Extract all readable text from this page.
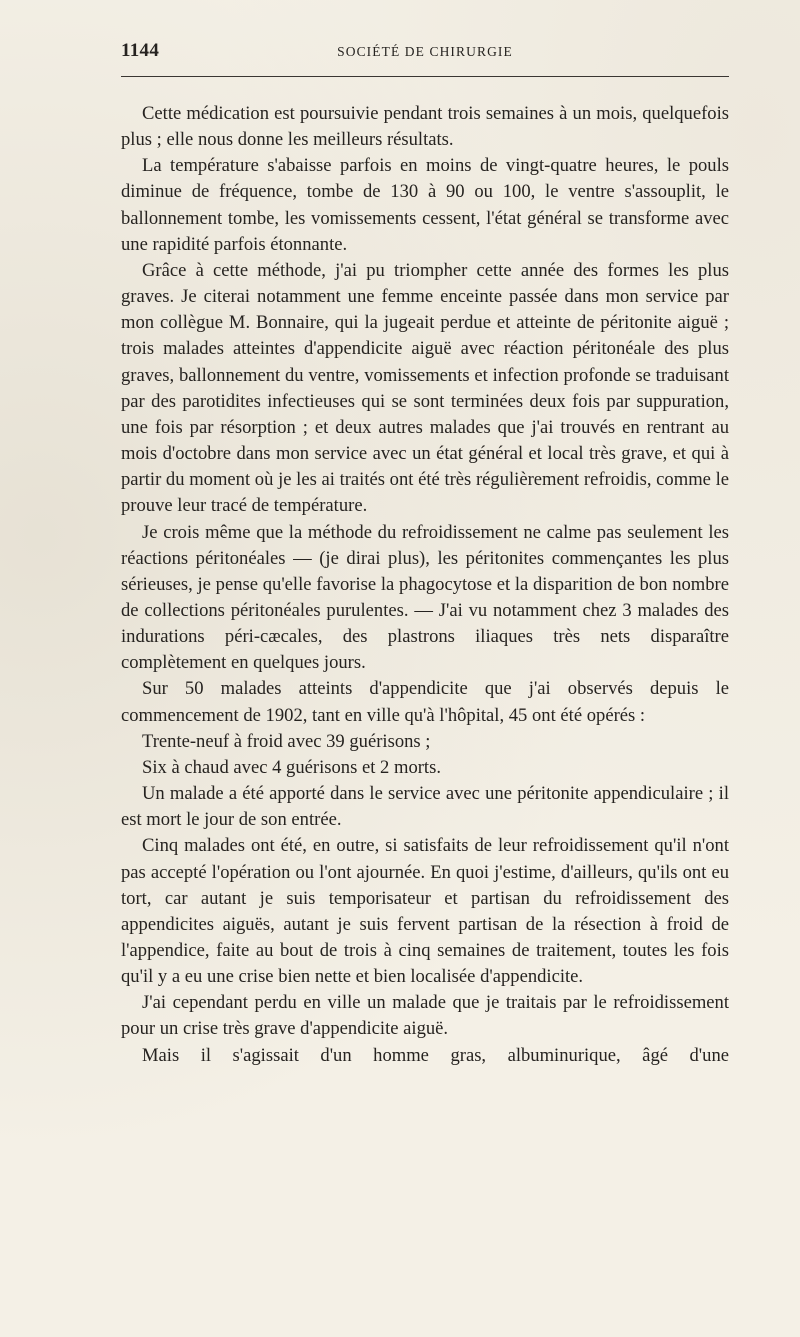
1144	SOCIÉTÉ DE CHIRURGIE

Cette médication est poursuivie pendant trois semaines à un mois, quelquefois plus ; elle nous donne les meilleurs résultats.

La température s'abaisse parfois en moins de vingt-quatre heures, le pouls diminue de fréquence, tombe de 130 à 90 ou 100, le ventre s'assouplit, le ballonnement tombe, les vomissements cessent, l'état général se transforme avec une rapidité parfois étonnante.

Grâce à cette méthode, j'ai pu triompher cette année des formes les plus graves. Je citerai notamment une femme enceinte passée dans mon service par mon collègue M. Bonnaire, qui la jugeait perdue et atteinte de péritonite aiguë ; trois malades atteintes d'appendicite aiguë avec réaction péritonéale des plus graves, ballonnement du ventre, vomissements et infection profonde se traduisant par des parotidites infectieuses qui se sont terminées deux fois par suppuration, une fois par résorption ; et deux autres malades que j'ai trouvés en rentrant au mois d'octobre dans mon service avec un état général et local très grave, et qui à partir du moment où je les ai traités ont été très régulièrement refroidis, comme le prouve leur tracé de température.

Je crois même que la méthode du refroidissement ne calme pas seulement les réactions péritonéales — (je dirai plus), les péritonites commençantes les plus sérieuses, je pense qu'elle favorise la phagocytose et la disparition de bon nombre de collections péritonéales purulentes. — J'ai vu notamment chez 3 malades des indurations péri-cæcales, des plastrons iliaques très nets disparaître complètement en quelques jours.

Sur 50 malades atteints d'appendicite que j'ai observés depuis le commencement de 1902, tant en ville qu'à l'hôpital, 45 ont été opérés :

Trente-neuf à froid avec 39 guérisons ;

Six à chaud avec 4 guérisons et 2 morts.

Un malade a été apporté dans le service avec une péritonite appendiculaire ; il est mort le jour de son entrée.

Cinq malades ont été, en outre, si satisfaits de leur refroidissement qu'il n'ont pas accepté l'opération ou l'ont ajournée. En quoi j'estime, d'ailleurs, qu'ils ont eu tort, car autant je suis temporisateur et partisan du refroidissement des appendicites aiguës, autant je suis fervent partisan de la résection à froid de l'appendice, faite au bout de trois à cinq semaines de traitement, toutes les fois qu'il y a eu une crise bien nette et bien localisée d'appendicite.

J'ai cependant perdu en ville un malade que je traitais par le refroidissement pour un crise très grave d'appendicite aiguë.

Mais il s'agissait d'un homme gras, albuminurique, âgé d'une
